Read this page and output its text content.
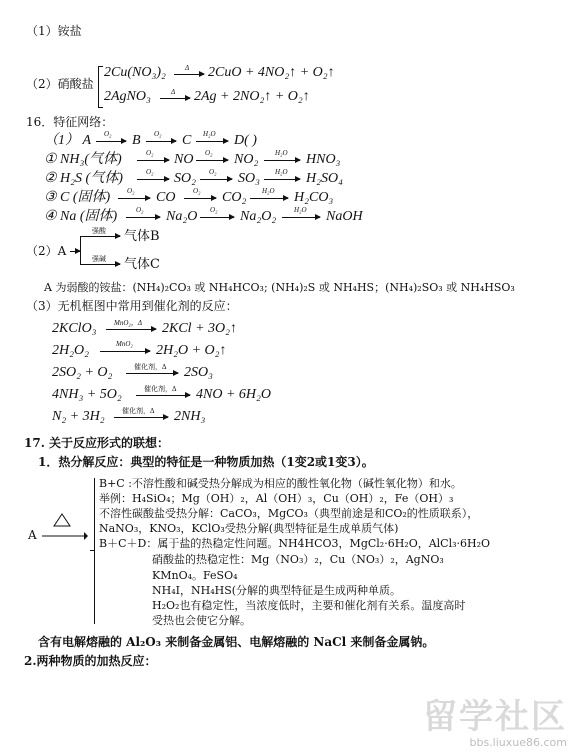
（1）铵盐
（2）硝酸盐
2Cu(NO₃)₂	Δ 2CuO + 4NO₂↑ + O₂↑
2AgNO₃	Δ 2Ag + 2NO₂↑ + O₂↑
16．特征网络：
（1） A O₂ B O₂ C H₂O D( )
① NH₃(气体)	O₂ NO O₂ NO₂ H₂O HNO₃
② H₂S (气体)	O₂ SO₂ O₂ SO₃ H₂O H₂SO₄
③ C (固体) O₂ CO	O₂ CO₂ H₂O H₂CO₃
④ Na (固体)	O₂ Na₂O O₂ Na₂O₂	H₂O NaOH
（2）A
强酸 气体B
强碱 气体C
A 为弱酸的铵盐：(NH₄)₂CO₃ 或 NH₄HCO₃; (NH₄)₂S 或 NH₄HS；(NH₄)₂SO₃ 或 NH₄HSO₃
（3）无机框图中常用到催化剂的反应：
2KClO₃ MnO₂，Δ 2KCl + 3O₂↑
2H₂O₂	MnO₂ 2H₂O + O₂↑
2SO₂ + O₂	催化剂，Δ 2SO₃
4NH₃ + 5O₂	催化剂，Δ 4NO + 6H₂O
N₂ + 3H₂ 催化剂，Δ 2NH₃
17. 关于反应形式的联想：
1．热分解反应：典型的特征是一种物质加热（1变2或1变3）。
A
B+C :不溶性酸和碱受热分解成为相应的酸性氧化物（碱性氧化物）和水。
举例：H₄SiO₄；Mg（OH）₂，Al（OH）₃，Cu（OH）₂，Fe（OH）₃
不溶性碳酸盐受热分解：CaCO₃，MgCO₃（典型前途是和CO₂的性质联系），
NaNO₃，KNO₃，KClO₃受热分解(典型特征是生成单质气体)
B＋C＋D：属于盐的热稳定性问题。NH4HCO3，MgCl₂·6H₂O，AlCl₃·6H₂O
硝酸盐的热稳定性：Mg（NO₃）₂，Cu（NO₃）₂，AgNO₃
KMnO₄。FeSO₄
NH₄I，NH₄HS(分解的典型特征是生成两种单质。
H₂O₂也有稳定性，当浓度低时，主要和催化剂有关系。温度高时
受热也会使它分解。
含有电解熔融的 Al₂O₃ 来制备金属铝、电解熔融的 NaCl 来制备金属钠。
2.两种物质的加热反应：
留学社区
bbs.liuxue86.com
